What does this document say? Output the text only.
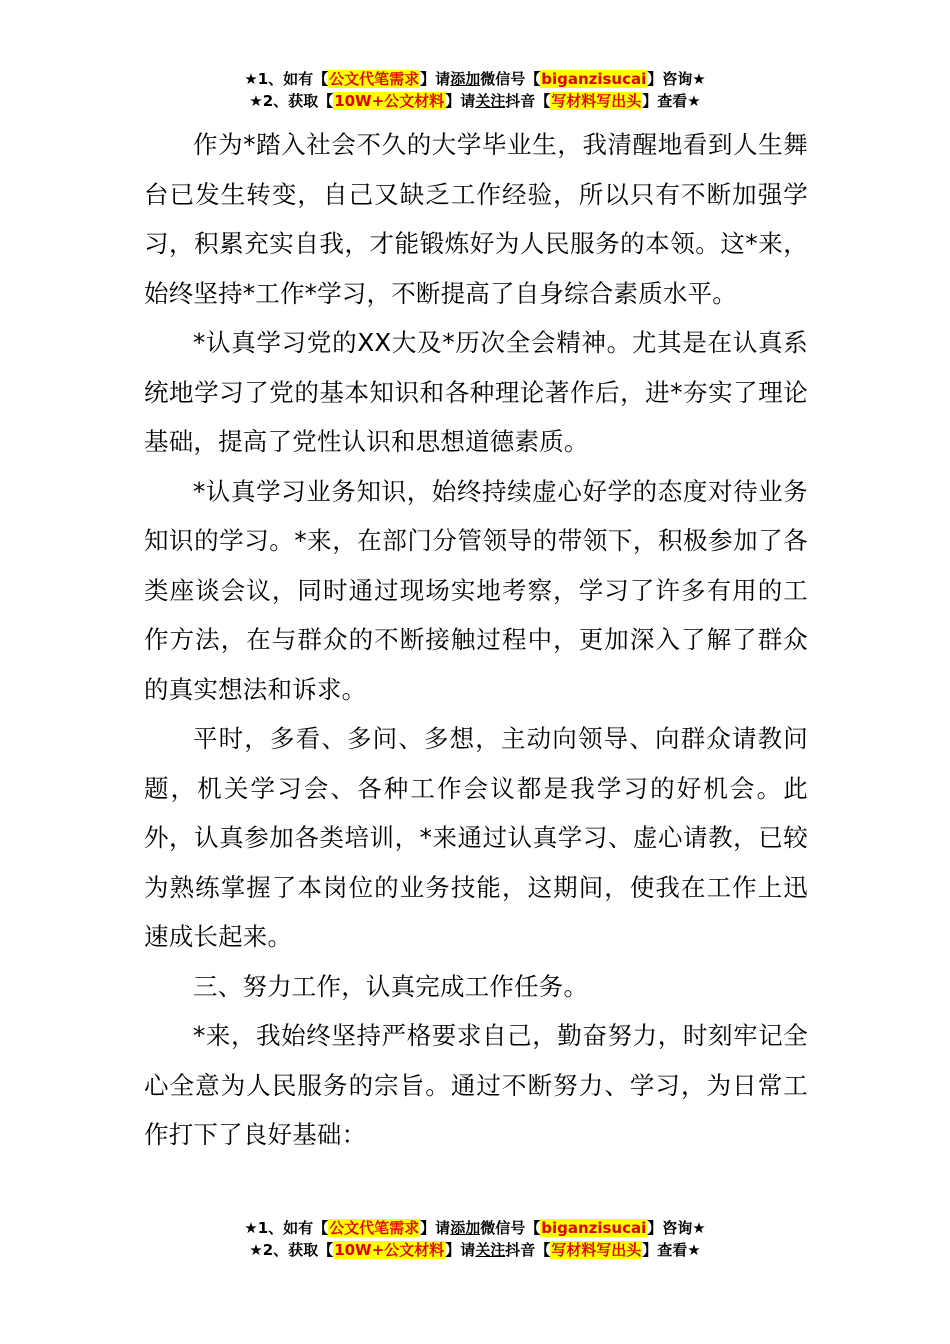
★1、如有【公文代笔需求】请添加微信号【biganzisucai】咨询★
★2、获取【10W+公文材料】请关注抖音【写材料写出头】查看★

作为*踏入社会不久的大学毕业生，我清醒地看到人生舞台已发生转变，自己又缺乏工作经验，所以只有不断加强学习，积累充实自我，才能锻炼好为人民服务的本领。这*来，始终坚持*工作*学习，不断提高了自身综合素质水平。

*认真学习党的XX大及*历次全会精神。尤其是在认真系统地学习了党的基本知识和各种理论著作后，进*夯实了理论基础，提高了党性认识和思想道德素质。

*认真学习业务知识，始终持续虚心好学的态度对待业务知识的学习。*来，在部门分管领导的带领下，积极参加了各类座谈会议，同时通过现场实地考察，学习了许多有用的工作方法，在与群众的不断接触过程中，更加深入了解了群众的真实想法和诉求。

平时，多看、多问、多想，主动向领导、向群众请教问题，机关学习会、各种工作会议都是我学习的好机会。此外，认真参加各类培训，*来通过认真学习、虚心请教，已较为熟练掌握了本岗位的业务技能，这期间，使我在工作上迅速成长起来。

三、努力工作，认真完成工作任务。

*来，我始终坚持严格要求自己，勤奋努力，时刻牢记全心全意为人民服务的宗旨。通过不断努力、学习，为日常工作打下了良好基础：

★1、如有【公文代笔需求】请添加微信号【biganzisucai】咨询★
★2、获取【10W+公文材料】请关注抖音【写材料写出头】查看★
